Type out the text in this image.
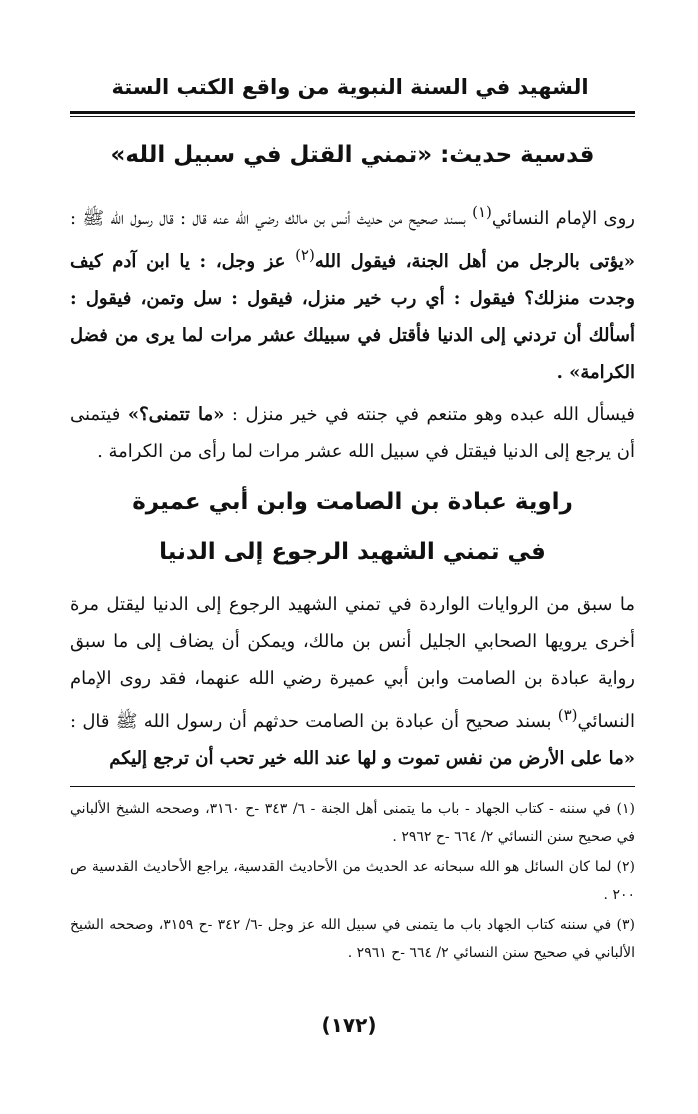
الشهيد في السنة النبوية من واقع الكتب الستة
قدسية حديث: «تمني القتل في سبيل الله»
روى الإمام النسائي$^{(١)}$ بسند صحيح من حديث أنس بن مالك رضي الله عنه قال : قال رسول الله ﷺ : «يؤتى بالرجل من أهل الجنة، فيقول الله$^{(٢)}$ عز وجل، : يا ابن آدم كيف وجدت منزلك؟ فيقول : أي رب خير منزل، فيقول : سل وتمن، فيقول : أسألك أن تردني إلى الدنيا فأقتل في سبيلك عشر مرات لما يرى من فضل الكرامة» .
فيسأل الله عبده وهو متنعم في جنته في خير منزل : «ما تتمنى؟» فيتمنى أن يرجع إلى الدنيا فيقتل في سبيل الله عشر مرات لما رأى من الكرامة .
راوية عبادة بن الصامت وابن أبي عميرة
في تمني الشهيد الرجوع إلى الدنيا
ما سبق من الروايات الواردة في تمني الشهيد الرجوع إلى الدنيا ليقتل مرة أخرى يرويها الصحابي الجليل أنس بن مالك، ويمكن أن يضاف إلى ما سبق رواية عبادة بن الصامت وابن أبي عميرة رضي الله عنهما، فقد روى الإمام النسائي$^{(٣)}$ بسند صحيح أن عبادة بن الصامت حدثهم أن رسول الله ﷺ قال : «ما على الأرض من نفس تموت و لها عند الله خير تحب أن ترجع إليكم

(١) في سننه - كتاب الجهاد - باب ما يتمنى أهل الجنة - ٦/ ٣٤٣ -ح ٣١٦٠، وصححه الشيخ الألباني في صحيح سنن النسائي ٢/ ٦٦٤ -ح ٢٩٦٢ .

(٢) لما كان السائل هو الله سبحانه عد الحديث من الأحاديث القدسية، يراجع الأحاديث القدسية ص ٢٠٠ .

(٣) في سننه كتاب الجهاد باب ما يتمنى في سبيل الله عز وجل -٦/ ٣٤٢ -ح ٣١٥٩، وصححه الشيخ الألباني في صحيح سنن النسائي ٢/ ٦٦٤ -ح ٢٩٦١ .

(١٧٢)
